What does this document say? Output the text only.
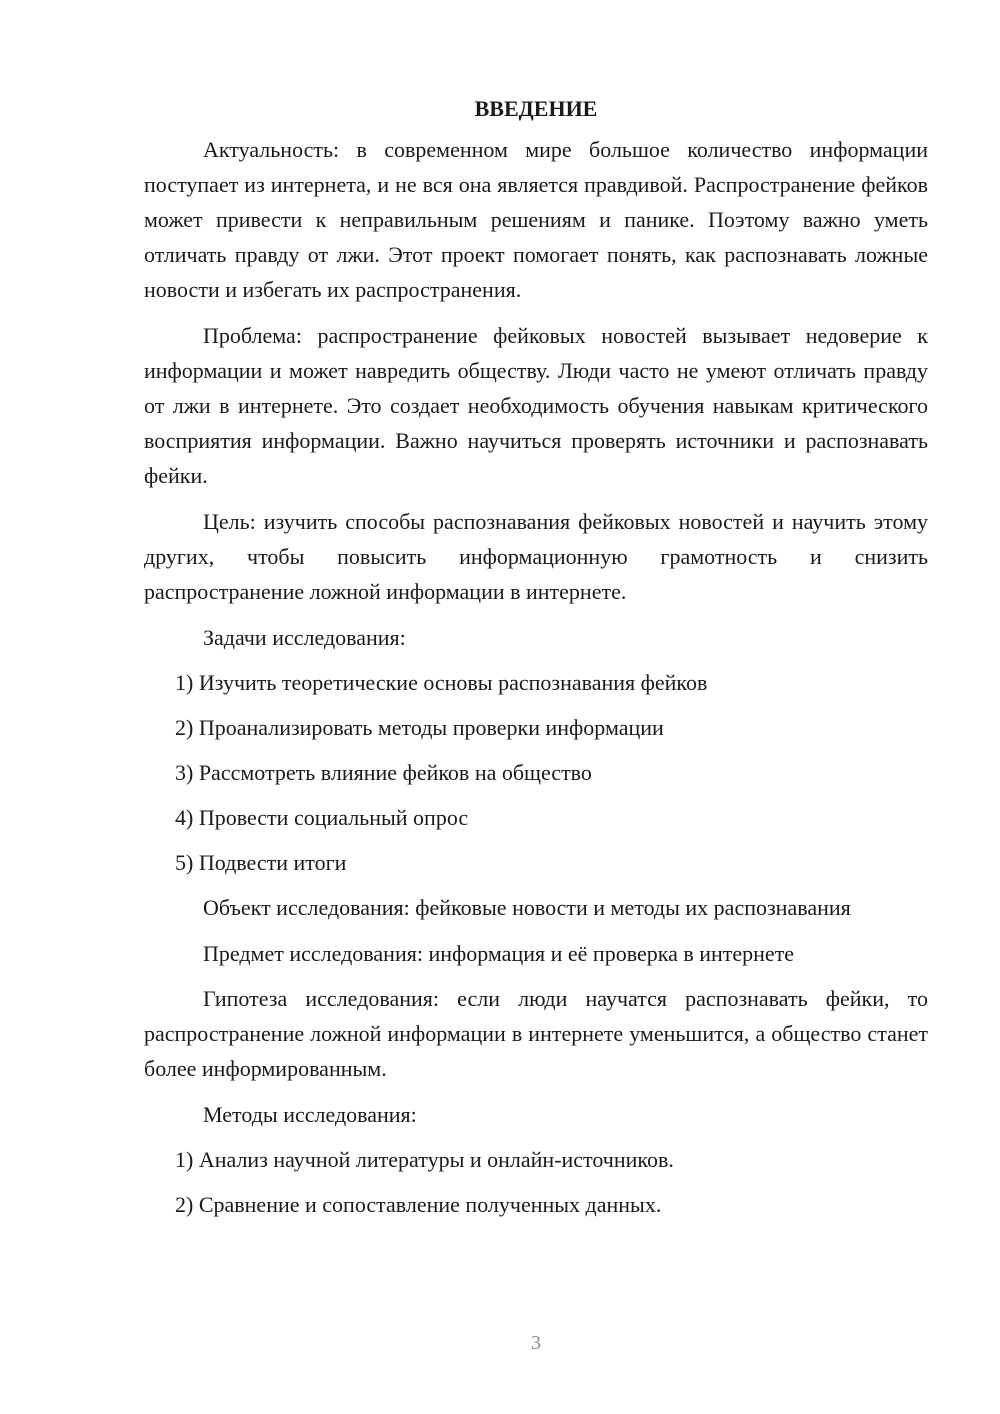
ВВЕДЕНИЕ

Актуальность: в современном мире большое количество информации поступает из интернета, и не вся она является правдивой. Распространение фейков может привести к неправильным решениям и панике. Поэтому важно уметь отличать правду от лжи. Этот проект помогает понять, как распознавать ложные новости и избегать их распространения.

Проблема: распространение фейковых новостей вызывает недоверие к информации и может навредить обществу. Люди часто не умеют отличать правду от лжи в интернете. Это создает необходимость обучения навыкам критического восприятия информации. Важно научиться проверять источники и распознавать фейки.

Цель: изучить способы распознавания фейковых новостей и научить этому других, чтобы повысить информационную грамотность и снизить распространение ложной информации в интернете.

Задачи исследования:

1) Изучить теоретические основы распознавания фейков
2) Проанализировать методы проверки информации
3) Рассмотреть влияние фейков на общество
4) Провести социальный опрос
5) Подвести итоги

Объект исследования: фейковые новости и методы их распознавания

Предмет исследования: информация и её проверка в интернете

Гипотеза исследования: если люди научатся распознавать фейки, то распространение ложной информации в интернете уменьшится, а общество станет более информированным.

Методы исследования:

1) Анализ научной литературы и онлайн-источников.
2) Сравнение и сопоставление полученных данных.
3
